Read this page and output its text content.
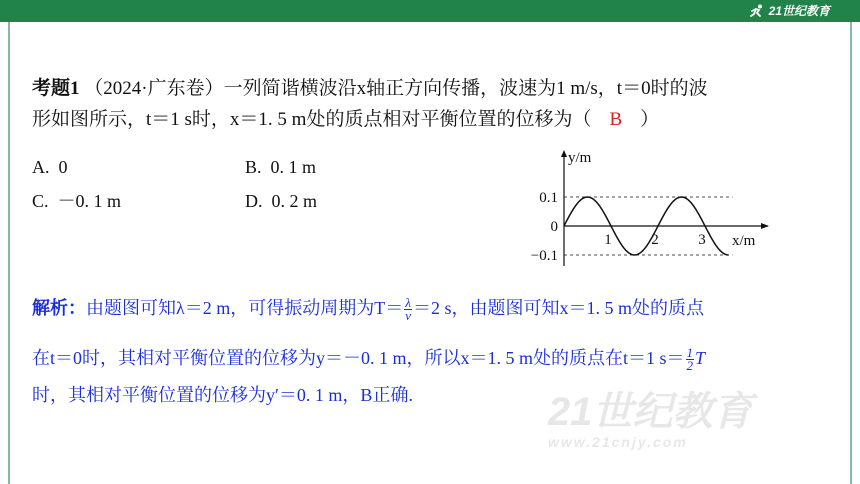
21世纪教育
考题1 （2024·广东卷）一列简谐横波沿x轴正方向传播，波速为1 m/s，t＝0时的波
形如图所示，t＝1 s时，x＝1. 5 m处的质点相对平衡位置的位移为（ B ）
A. 0	B. 0. 1 m
C. －0. 1 m	D. 0. 2 m	0.1
0
−0.1
1	2	3
y/m
x/m
解析：由题图可知λ＝2 m，可得振动周期为$T= \frac{\lambda}{v} =2$ s，由题图可知x＝1. 5 m处的质点
在t＝0时，其相对平衡位置的位移为y＝－0. 1 m，所以x＝1. 5 m处的质点在t＝1 $s= \frac{1}{2}$ T
时，其相对平衡位置的位移为y′＝0. 1 m，B正确.	21世纪教育
www.21cnjy.com
